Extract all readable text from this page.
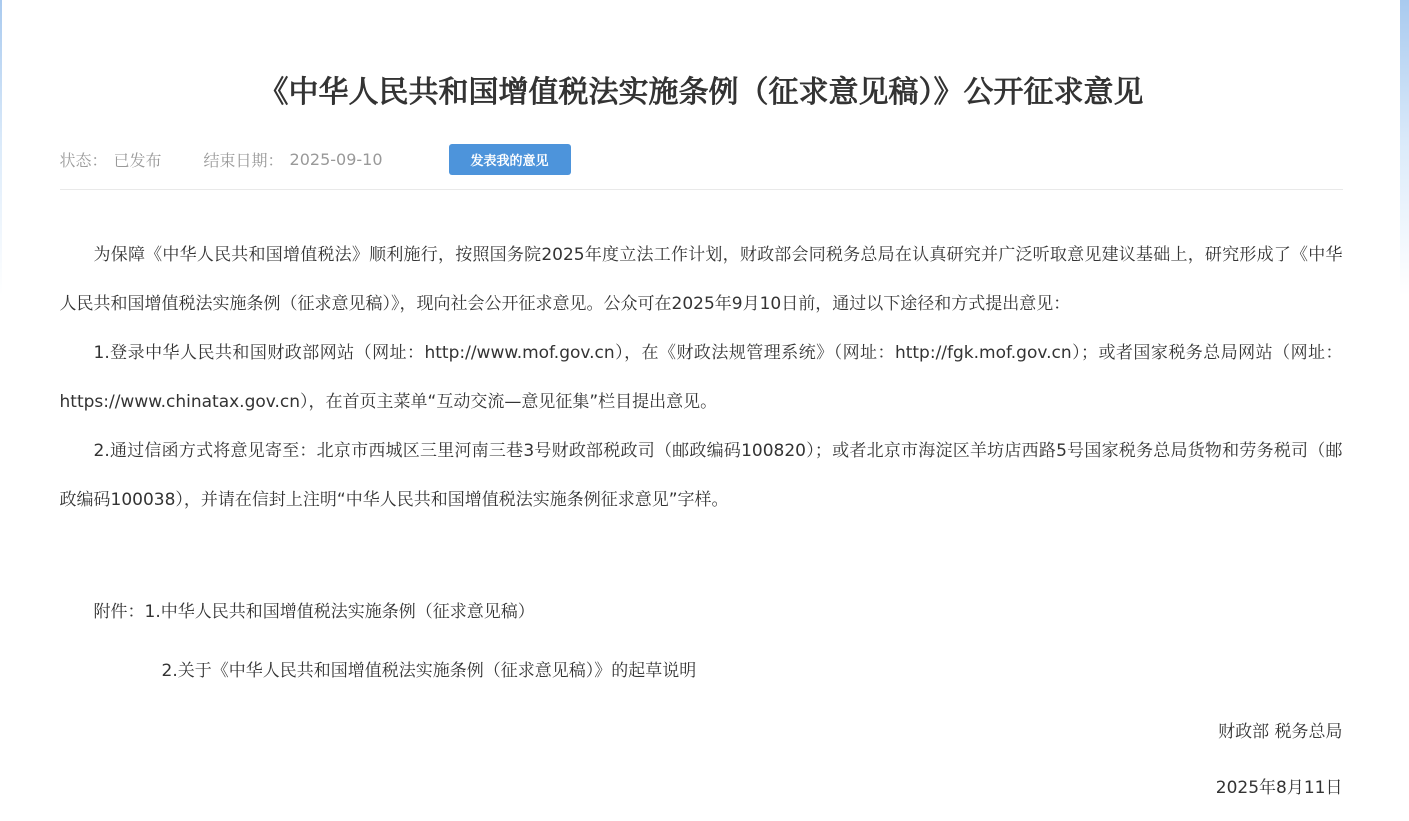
《中华人民共和国增值税法实施条例（征求意见稿）》公开征求意见
状态： 已发布	结束日期： 2025-09-10	发表我的意见

为保障《中华人民共和国增值税法》顺利施行，按照国务院2025年度立法工作计划，财政部会同税务总局在认真研究并广泛听取意见建议基础上，研究形成了《中华人民共和国增值税法实施条例（征求意见稿）》，现向社会公开征求意见。公众可在2025年9月10日前，通过以下途径和方式提出意见：

1.登录中华人民共和国财政部网站（网址：http://www.mof.gov.cn），在《财政法规管理系统》（网址：http://fgk.mof.gov.cn）；或者国家税务总局网站（网址：https://www.chinatax.gov.cn），在首页主菜单“互动交流—意见征集”栏目提出意见。

2.通过信函方式将意见寄至：北京市西城区三里河南三巷3号财政部税政司（邮政编码100820）；或者北京市海淀区羊坊店西路5号国家税务总局货物和劳务税司（邮政编码100038），并请在信封上注明“中华人民共和国增值税法实施条例征求意见”字样。

附件：1.中华人民共和国增值税法实施条例（征求意见稿）
2.关于《中华人民共和国增值税法实施条例（征求意见稿）》的起草说明
财政部 税务总局
2025年8月11日
